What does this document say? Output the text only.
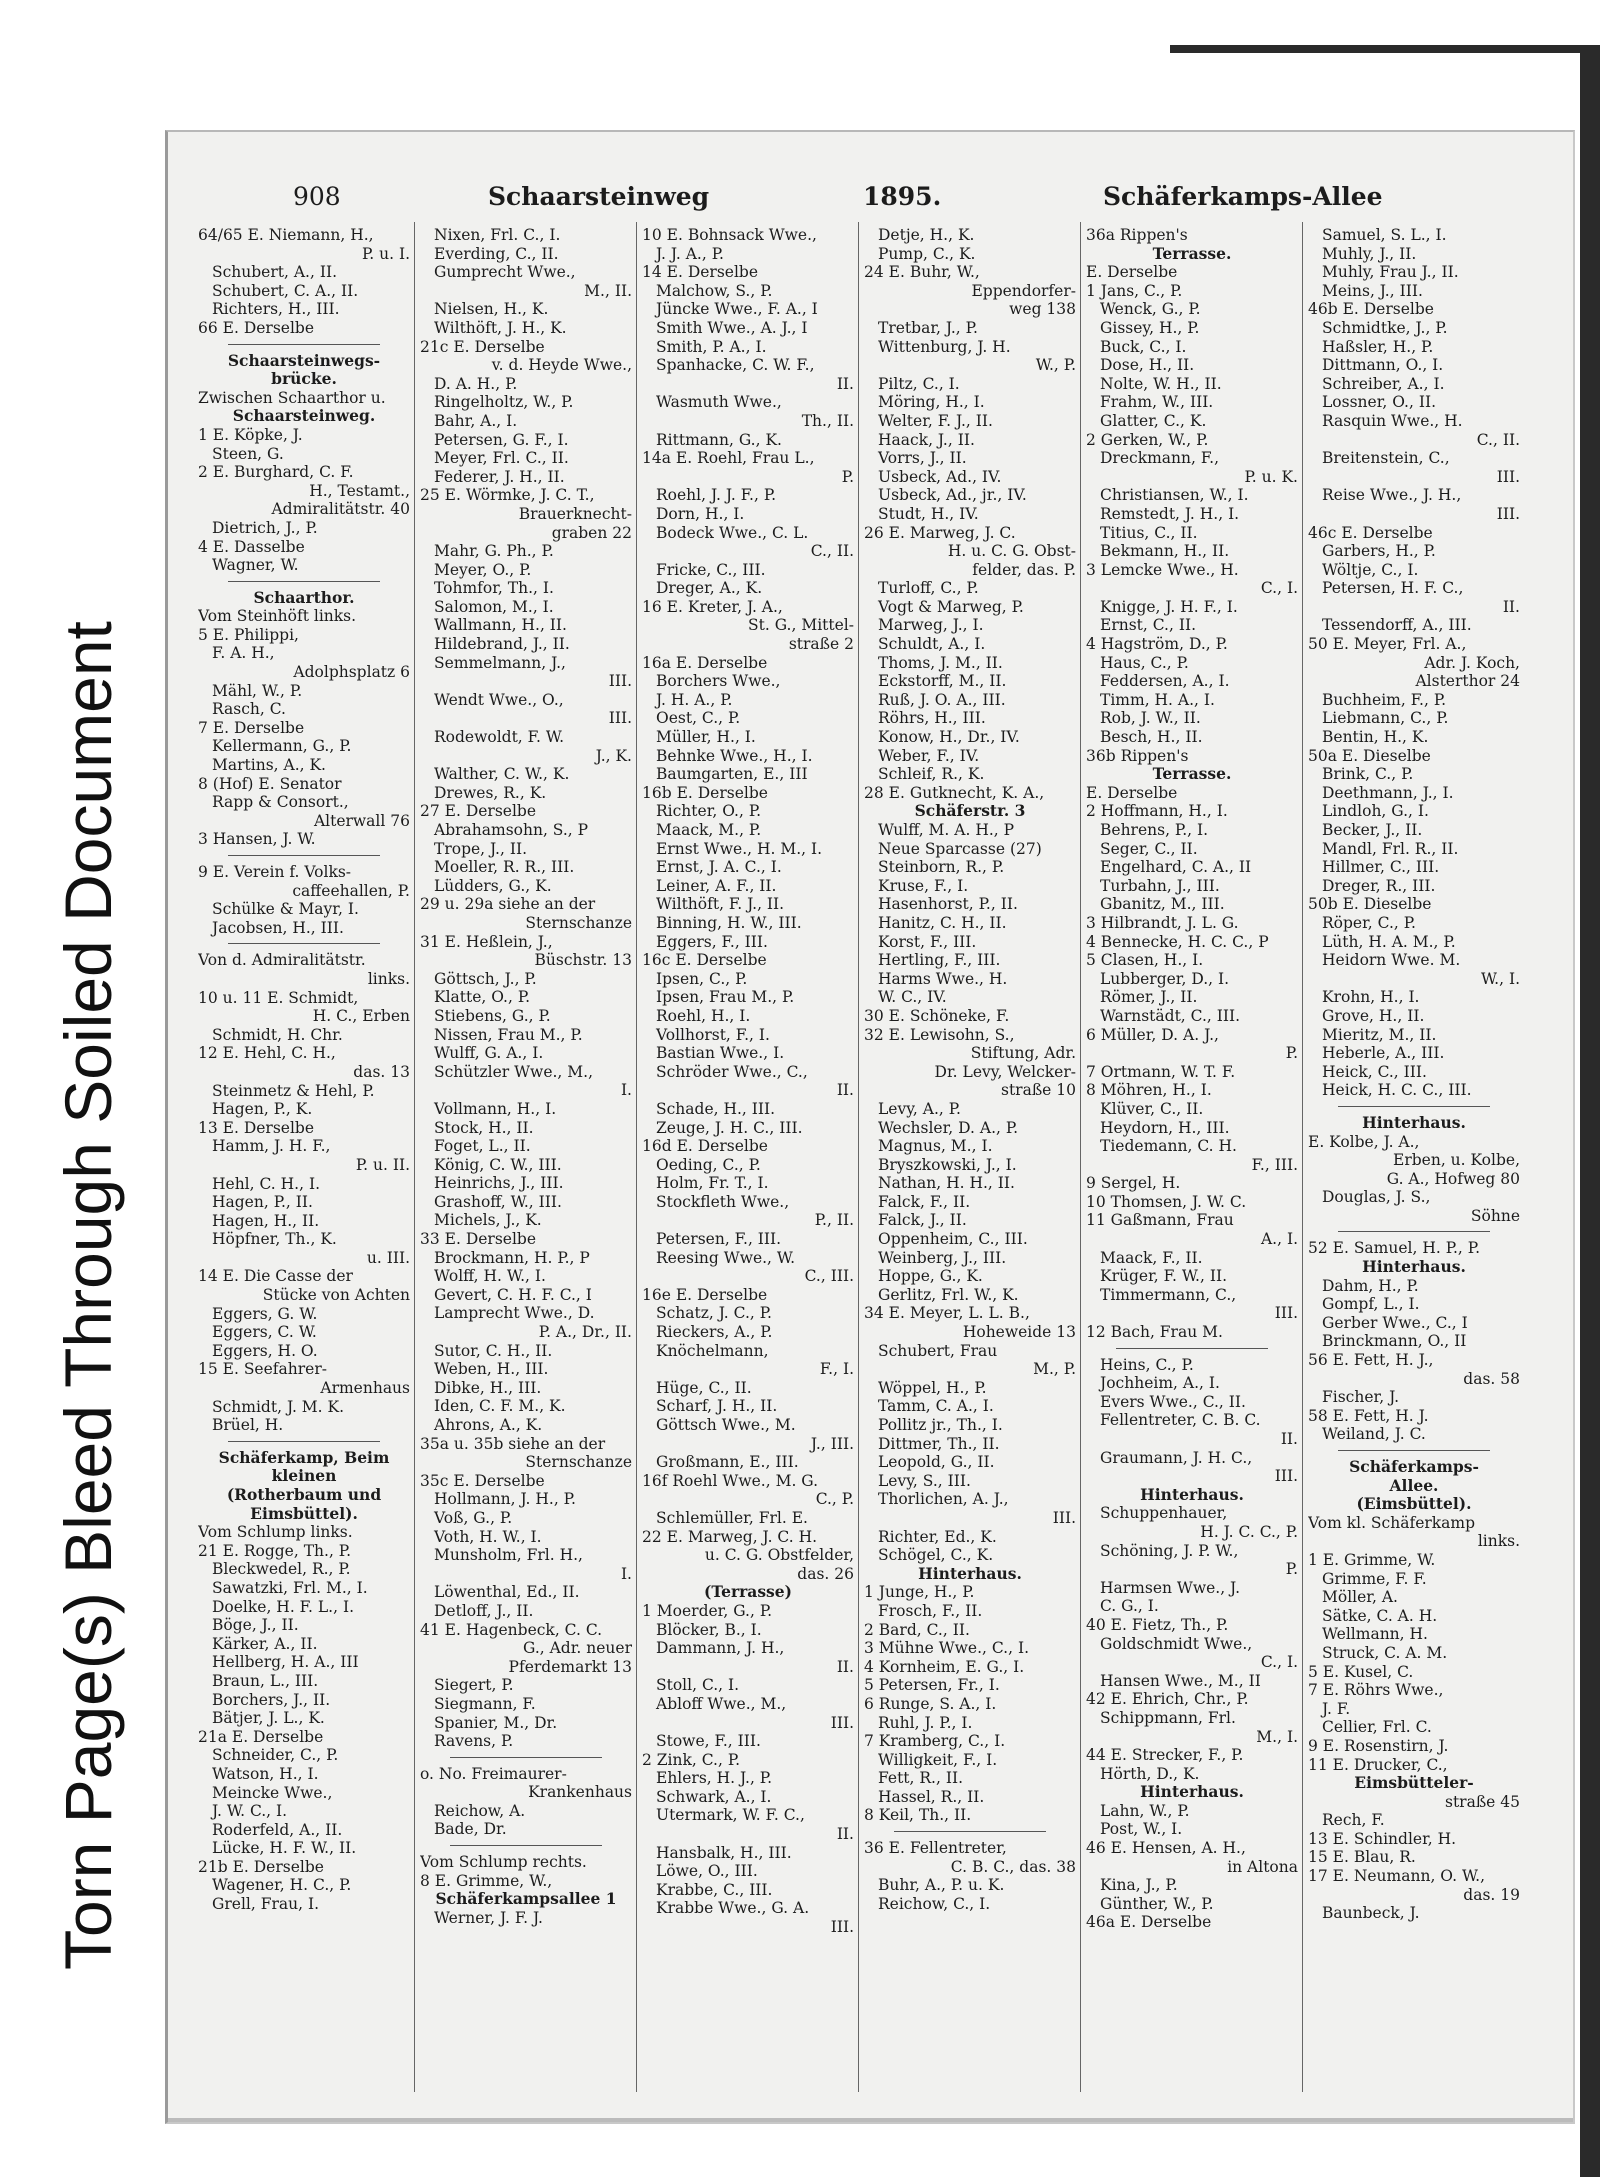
Torn Page(s) Bleed Through Soiled Document
908	Schaarsteinweg	1895.	Schäferkamps-Allee

64/65 E. Niemann, H.,

P. u. I.

Schubert, A., II.

Schubert, C. A., II.

Richters, H., III.

66 E. Derselbe

Schaarsteinwegs-

brücke.

Zwischen Schaarthor u.

Schaarsteinweg.

1 E. Köpke, J.

Steen, G.

2 E. Burghard, C. F.

H., Testamt.,

Admiralitätstr. 40

Dietrich, J., P.

4 E. Dasselbe

Wagner, W.

Schaarthor.

Vom Steinhöft links.

5 E. Philippi,

F. A. H.,

Adolphsplatz 6

Mähl, W., P.

Rasch, C.

7 E. Derselbe

Kellermann, G., P.

Martins, A., K.

8 (Hof) E. Senator

Rapp & Consort.,

Alterwall 76

3 Hansen, J. W.

9 E. Verein f. Volks-

caffeehallen, P.

Schülke & Mayr, I.

Jacobsen, H., III.

Von d. Admiralitätstr.

links.

10 u. 11 E. Schmidt,

H. C., Erben

Schmidt, H. Chr.

12 E. Hehl, C. H.,

das. 13

Steinmetz & Hehl, P.

Hagen, P., K.

13 E. Derselbe

Hamm, J. H. F.,

P. u. II.

Hehl, C. H., I.

Hagen, P., II.

Hagen, H., II.

Höpfner, Th., K.

u. III.

14 E. Die Casse der

Stücke von Achten

Eggers, G. W.

Eggers, C. W.

Eggers, H. O.

15 E. Seefahrer-

Armenhaus

Schmidt, J. M. K.

Brüel, H.

Schäferkamp, Beim

kleinen

(Rotherbaum und

Eimsbüttel).

Vom Schlump links.

21 E. Rogge, Th., P.

Bleckwedel, R., P.

Sawatzki, Frl. M., I.

Doelke, H. F. L., I.

Böge, J., II.

Kärker, A., II.

Hellberg, H. A., III

Braun, L., III.

Borchers, J., II.

Bätjer, J. L., K.

21a E. Derselbe

Schneider, C., P.

Watson, H., I.

Meincke Wwe.,

J. W. C., I.

Roderfeld, A., II.

Lücke, H. F. W., II.

21b E. Derselbe

Wagener, H. C., P.

Grell, Frau, I.

Nixen, Frl. C., I.

Everding, C., II.

Gumprecht Wwe.,

M., II.

Nielsen, H., K.

Wilthöft, J. H., K.

21c E. Derselbe

v. d. Heyde Wwe.,

D. A. H., P.

Ringelholtz, W., P.

Bahr, A., I.

Petersen, G. F., I.

Meyer, Frl. C., II.

Federer, J. H., II.

25 E. Wörmke, J. C. T.,

Brauerknecht-

graben 22

Mahr, G. Ph., P.

Meyer, O., P.

Tohmfor, Th., I.

Salomon, M., I.

Wallmann, H., II.

Hildebrand, J., II.

Semmelmann, J.,

III.

Wendt Wwe., O.,

III.

Rodewoldt, F. W.

J., K.

Walther, C. W., K.

Drewes, R., K.

27 E. Derselbe

Abrahamsohn, S., P

Trope, J., II.

Moeller, R. R., III.

Lüdders, G., K.

29 u. 29a siehe an der

Sternschanze

31 E. Heßlein, J.,

Büschstr. 13

Göttsch, J., P.

Klatte, O., P.

Stiebens, G., P.

Nissen, Frau M., P.

Wulff, G. A., I.

Schützler Wwe., M.,

I.

Vollmann, H., I.

Stock, H., II.

Foget, L., II.

König, C. W., III.

Heinrichs, J., III.

Grashoff, W., III.

Michels, J., K.

33 E. Derselbe

Brockmann, H. P., P

Wolff, H. W., I.

Gevert, C. H. F. C., I

Lamprecht Wwe., D.

P. A., Dr., II.

Sutor, C. H., II.

Weben, H., III.

Dibke, H., III.

Iden, C. F. M., K.

Ahrons, A., K.

35a u. 35b siehe an der

Sternschanze

35c E. Derselbe

Hollmann, J. H., P.

Voß, G., P.

Voth, H. W., I.

Munsholm, Frl. H.,

I.

Löwenthal, Ed., II.

Detloff, J., II.

41 E. Hagenbeck, C. C.

G., Adr. neuer

Pferdemarkt 13

Siegert, P.

Siegmann, F.

Spanier, M., Dr.

Ravens, P.

o. No. Freimaurer-

Krankenhaus

Reichow, A.

Bade, Dr.

Vom Schlump rechts.

8 E. Grimme, W.,

Schäferkampsallee 1

Werner, J. F. J.

10 E. Bohnsack Wwe.,

J. J. A., P.

14 E. Derselbe

Malchow, S., P.

Jüncke Wwe., F. A., I

Smith Wwe., A. J., I

Smith, P. A., I.

Spanhacke, C. W. F.,

II.

Wasmuth Wwe.,

Th., II.

Rittmann, G., K.

14a E. Roehl, Frau L.,

P.

Roehl, J. J. F., P.

Dorn, H., I.

Bodeck Wwe., C. L.

C., II.

Fricke, C., III.

Dreger, A., K.

16 E. Kreter, J. A.,

St. G., Mittel-

straße 2

16a E. Derselbe

Borchers Wwe.,

J. H. A., P.

Oest, C., P.

Müller, H., I.

Behnke Wwe., H., I.

Baumgarten, E., III

16b E. Derselbe

Richter, O., P.

Maack, M., P.

Ernst Wwe., H. M., I.

Ernst, J. A. C., I.

Leiner, A. F., II.

Wilthöft, F. J., II.

Binning, H. W., III.

Eggers, F., III.

16c E. Derselbe

Ipsen, C., P.

Ipsen, Frau M., P.

Roehl, H., I.

Vollhorst, F., I.

Bastian Wwe., I.

Schröder Wwe., C.,

II.

Schade, H., III.

Zeuge, J. H. C., III.

16d E. Derselbe

Oeding, C., P.

Holm, Fr. T., I.

Stockfleth Wwe.,

P., II.

Petersen, F., III.

Reesing Wwe., W.

C., III.

16e E. Derselbe

Schatz, J. C., P.

Rieckers, A., P.

Knöchelmann,

F., I.

Hüge, C., II.

Scharf, J. H., II.

Göttsch Wwe., M.

J., III.

Großmann, E., III.

16f Roehl Wwe., M. G.

C., P.

Schlemüller, Frl. E.

22 E. Marweg, J. C. H.

u. C. G. Obstfelder,

das. 26

(Terrasse)

1 Moerder, G., P.

Blöcker, B., I.

Dammann, J. H.,

II.

Stoll, C., I.

Abloff Wwe., M.,

III.

Stowe, F., III.

2 Zink, C., P.

Ehlers, H. J., P.

Schwark, A., I.

Utermark, W. F. C.,

II.

Hansbalk, H., III.

Löwe, O., III.

Krabbe, C., III.

Krabbe Wwe., G. A.

III.

Detje, H., K.

Pump, C., K.

24 E. Buhr, W.,

Eppendorfer-

weg 138

Tretbar, J., P.

Wittenburg, J. H.

W., P.

Piltz, C., I.

Möring, H., I.

Welter, F. J., II.

Haack, J., II.

Vorrs, J., II.

Usbeck, Ad., IV.

Usbeck, Ad., jr., IV.

Studt, H., IV.

26 E. Marweg, J. C.

H. u. C. G. Obst-

felder, das. P.

Turloff, C., P.

Vogt & Marweg, P.

Marweg, J., I.

Schuldt, A., I.

Thoms, J. M., II.

Eckstorff, M., II.

Ruß, J. O. A., III.

Röhrs, H., III.

Konow, H., Dr., IV.

Weber, F., IV.

Schleif, R., K.

28 E. Gutknecht, K. A.,

Schäferstr. 3

Wulff, M. A. H., P

Neue Sparcasse (27)

Steinborn, R., P.

Kruse, F., I.

Hasenhorst, P., II.

Hanitz, C. H., II.

Korst, F., III.

Hertling, F., III.

Harms Wwe., H.

W. C., IV.

30 E. Schöneke, F.

32 E. Lewisohn, S.,

Stiftung, Adr.

Dr. Levy, Welcker-

straße 10

Levy, A., P.

Wechsler, D. A., P.

Magnus, M., I.

Bryszkowski, J., I.

Nathan, H. H., II.

Falck, F., II.

Falck, J., II.

Oppenheim, C., III.

Weinberg, J., III.

Hoppe, G., K.

Gerlitz, Frl. W., K.

34 E. Meyer, L. L. B.,

Hoheweide 13

Schubert, Frau

M., P.

Wöppel, H., P.

Tamm, C. A., I.

Pollitz jr., Th., I.

Dittmer, Th., II.

Leopold, G., II.

Levy, S., III.

Thorlichen, A. J.,

III.

Richter, Ed., K.

Schögel, C., K.

Hinterhaus.

1 Junge, H., P.

Frosch, F., II.

2 Bard, C., II.

3 Mühne Wwe., C., I.

4 Kornheim, E. G., I.

5 Petersen, Fr., I.

6 Runge, S. A., I.

Ruhl, J. P., I.

7 Kramberg, C., I.

Willigkeit, F., I.

Fett, R., II.

Hassel, R., II.

8 Keil, Th., II.

36 E. Fellentreter,

C. B. C., das. 38

Buhr, A., P. u. K.

Reichow, C., I.

36a Rippen's

Terrasse.

E. Derselbe

1 Jans, C., P.

Wenck, G., P.

Gissey, H., P.

Buck, C., I.

Dose, H., II.

Nolte, W. H., II.

Frahm, W., III.

Glatter, C., K.

2 Gerken, W., P.

Dreckmann, F.,

P. u. K.

Christiansen, W., I.

Remstedt, J. H., I.

Titius, C., II.

Bekmann, H., II.

3 Lemcke Wwe., H.

C., I.

Knigge, J. H. F., I.

Ernst, C., II.

4 Hagström, D., P.

Haus, C., P.

Feddersen, A., I.

Timm, H. A., I.

Rob, J. W., II.

Besch, H., II.

36b Rippen's

Terrasse.

E. Derselbe

2 Hoffmann, H., I.

Behrens, P., I.

Seger, C., II.

Engelhard, C. A., II

Turbahn, J., III.

Gbanitz, M., III.

3 Hilbrandt, J. L. G.

4 Bennecke, H. C. C., P

5 Clasen, H., I.

Lubberger, D., I.

Römer, J., II.

Warnstädt, C., III.

6 Müller, D. A. J.,

P.

7 Ortmann, W. T. F.

8 Möhren, H., I.

Klüver, C., II.

Heydorn, H., III.

Tiedemann, C. H.

F., III.

9 Sergel, H.

10 Thomsen, J. W. C.

11 Gaßmann, Frau

A., I.

Maack, F., II.

Krüger, F. W., II.

Timmermann, C.,

III.

12 Bach, Frau M.

Heins, C., P.

Jochheim, A., I.

Evers Wwe., C., II.

Fellentreter, C. B. C.

II.

Graumann, J. H. C.,

III.

Hinterhaus.

Schuppenhauer,

H. J. C. C., P.

Schöning, J. P. W.,

P.

Harmsen Wwe., J.

C. G., I.

40 E. Fietz, Th., P.

Goldschmidt Wwe.,

C., I.

Hansen Wwe., M., II

42 E. Ehrich, Chr., P.

Schippmann, Frl.

M., I.

44 E. Strecker, F., P.

Hörth, D., K.

Hinterhaus.

Lahn, W., P.

Post, W., I.

46 E. Hensen, A. H.,

in Altona

Kina, J., P.

Günther, W., P.

46a E. Derselbe

Samuel, S. L., I.

Muhly, J., II.

Muhly, Frau J., II.

Meins, J., III.

46b E. Derselbe

Schmidtke, J., P.

Haßsler, H., P.

Dittmann, O., I.

Schreiber, A., I.

Lossner, O., II.

Rasquin Wwe., H.

C., II.

Breitenstein, C.,

III.

Reise Wwe., J. H.,

III.

46c E. Derselbe

Garbers, H., P.

Wöltje, C., I.

Petersen, H. F. C.,

II.

Tessendorff, A., III.

50 E. Meyer, Frl. A.,

Adr. J. Koch,

Alsterthor 24

Buchheim, F., P.

Liebmann, C., P.

Bentin, H., K.

50a E. Dieselbe

Brink, C., P.

Deethmann, J., I.

Lindloh, G., I.

Becker, J., II.

Mandl, Frl. R., II.

Hillmer, C., III.

Dreger, R., III.

50b E. Dieselbe

Röper, C., P.

Lüth, H. A. M., P.

Heidorn Wwe. M.

W., I.

Krohn, H., I.

Grove, H., II.

Mieritz, M., II.

Heberle, A., III.

Heick, C., III.

Heick, H. C. C., III.

Hinterhaus.

E. Kolbe, J. A.,

Erben, u. Kolbe,

G. A., Hofweg 80

Douglas, J. S.,

Söhne

52 E. Samuel, H. P., P.

Hinterhaus.

Dahm, H., P.

Gompf, L., I.

Gerber Wwe., C., I

Brinckmann, O., II

56 E. Fett, H. J.,

das. 58

Fischer, J.

58 E. Fett, H. J.

Weiland, J. C.

Schäferkamps-

Allee.

(Eimsbüttel).

Vom kl. Schäferkamp

links.

1 E. Grimme, W.

Grimme, F. F.

Möller, A.

Sätke, C. A. H.

Wellmann, H.

Struck, C. A. M.

5 E. Kusel, C.

7 E. Röhrs Wwe.,

J. F.

Cellier, Frl. C.

9 E. Rosenstirn, J.

11 E. Drucker, C.,

Eimsbütteler-

straße 45

Rech, F.

13 E. Schindler, H.

15 E. Blau, R.

17 E. Neumann, O. W.,

das. 19

Baunbeck, J.
